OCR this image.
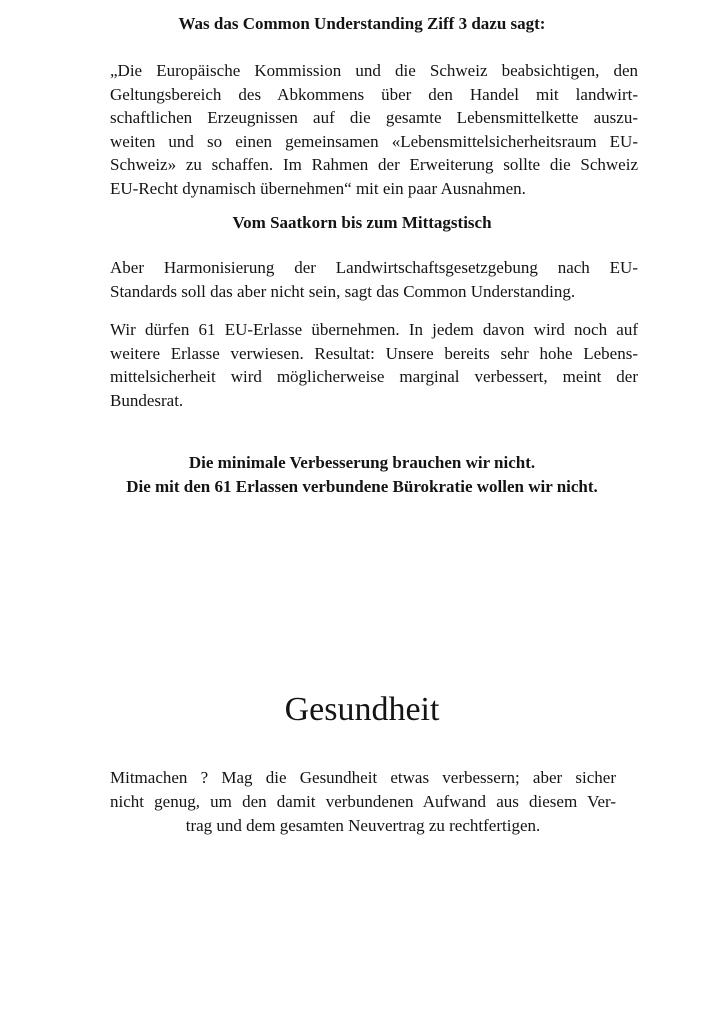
Was das Common Understanding Ziff 3 dazu sagt:
„Die Europäische Kommission und die Schweiz beabsichtigen, den
Geltungsbereich des Abkommens über den Handel mit landwirt-
schaftlichen Erzeugnissen auf die gesamte Lebensmittelkette auszu-
weiten und so einen gemeinsamen «Lebensmittelsicherheitsraum EU-
Schweiz» zu schaffen. Im Rahmen der Erweiterung sollte die Schweiz
EU-Recht dynamisch übernehmen“ mit ein paar Ausnahmen.
Vom Saatkorn bis zum Mittagstisch
Aber Harmonisierung der Landwirtschaftsgesetzgebung nach EU-
Standards soll das aber nicht sein, sagt das Common Understanding.
Wir dürfen 61 EU-Erlasse übernehmen. In jedem davon wird noch auf
weitere Erlasse verwiesen. Resultat: Unsere bereits sehr hohe Lebens-
mittelsicherheit wird möglicherweise marginal verbessert, meint der
Bundesrat.
Die minimale Verbesserung brauchen wir nicht.
Die mit den 61 Erlassen verbundene Bürokratie wollen wir nicht.
Gesundheit
Mitmachen ? Mag die Gesundheit etwas verbessern; aber sicher
nicht genug, um den damit verbundenen Aufwand aus diesem Ver-
trag und dem gesamten Neuvertrag zu rechtfertigen.
